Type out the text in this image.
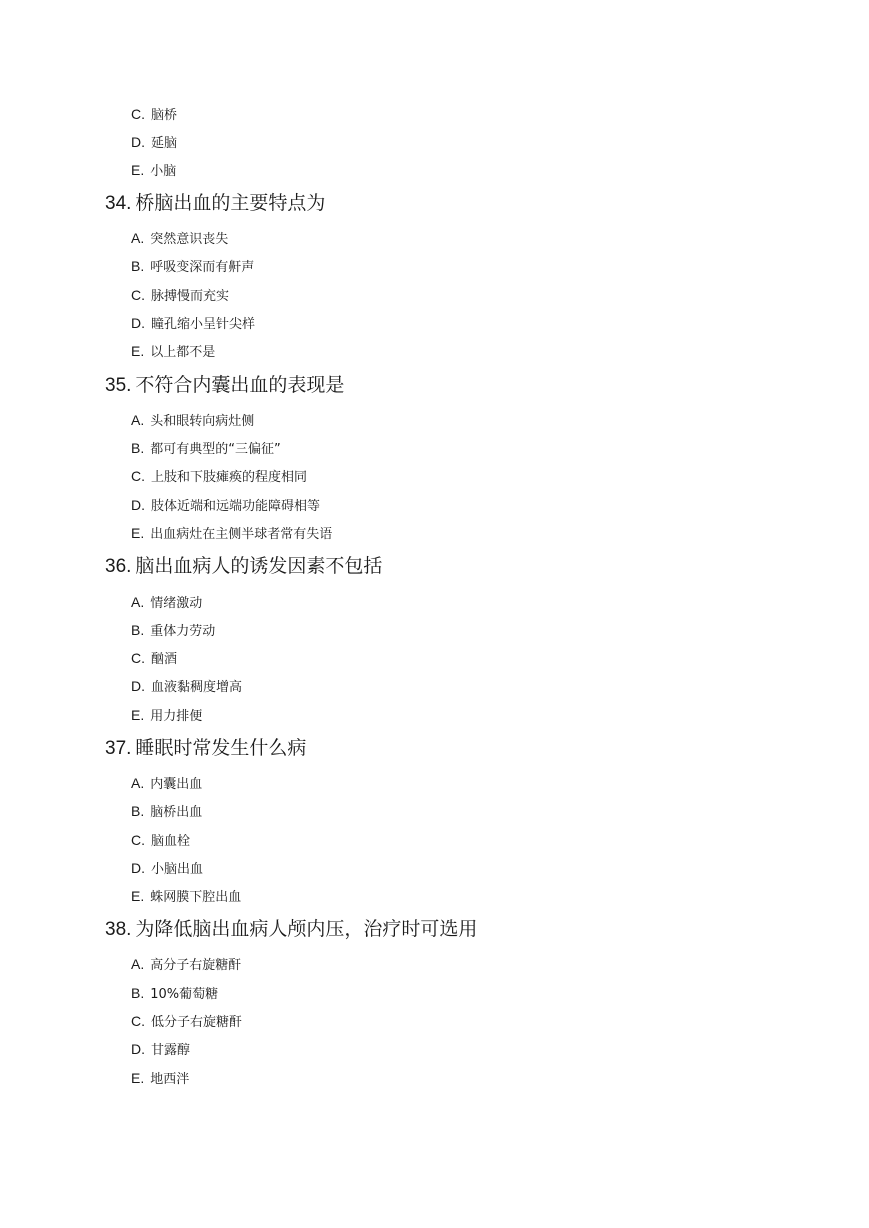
C. 脑桥
D. 延脑
E. 小脑
34. 桥脑出血的主要特点为
A. 突然意识丧失
B. 呼吸变深而有鼾声
C. 脉搏慢而充实
D. 瞳孔缩小呈针尖样
E. 以上都不是
35. 不符合内囊出血的表现是
A. 头和眼转向病灶侧
B. 都可有典型的“三偏征”
C. 上肢和下肢瘫痪的程度相同
D. 肢体近端和远端功能障碍相等
E. 出血病灶在主侧半球者常有失语
36. 脑出血病人的诱发因素不包括
A. 情绪激动
B. 重体力劳动
C. 酗酒
D. 血液黏稠度增高
E. 用力排便
37. 睡眠时常发生什么病
A. 内囊出血
B. 脑桥出血
C. 脑血栓
D. 小脑出血
E. 蛛网膜下腔出血
38. 为降低脑出血病人颅内压，治疗时可选用
A. 高分子右旋糖酐
B. 10%葡萄糖
C. 低分子右旋糖酐
D. 甘露醇
E. 地西泮
